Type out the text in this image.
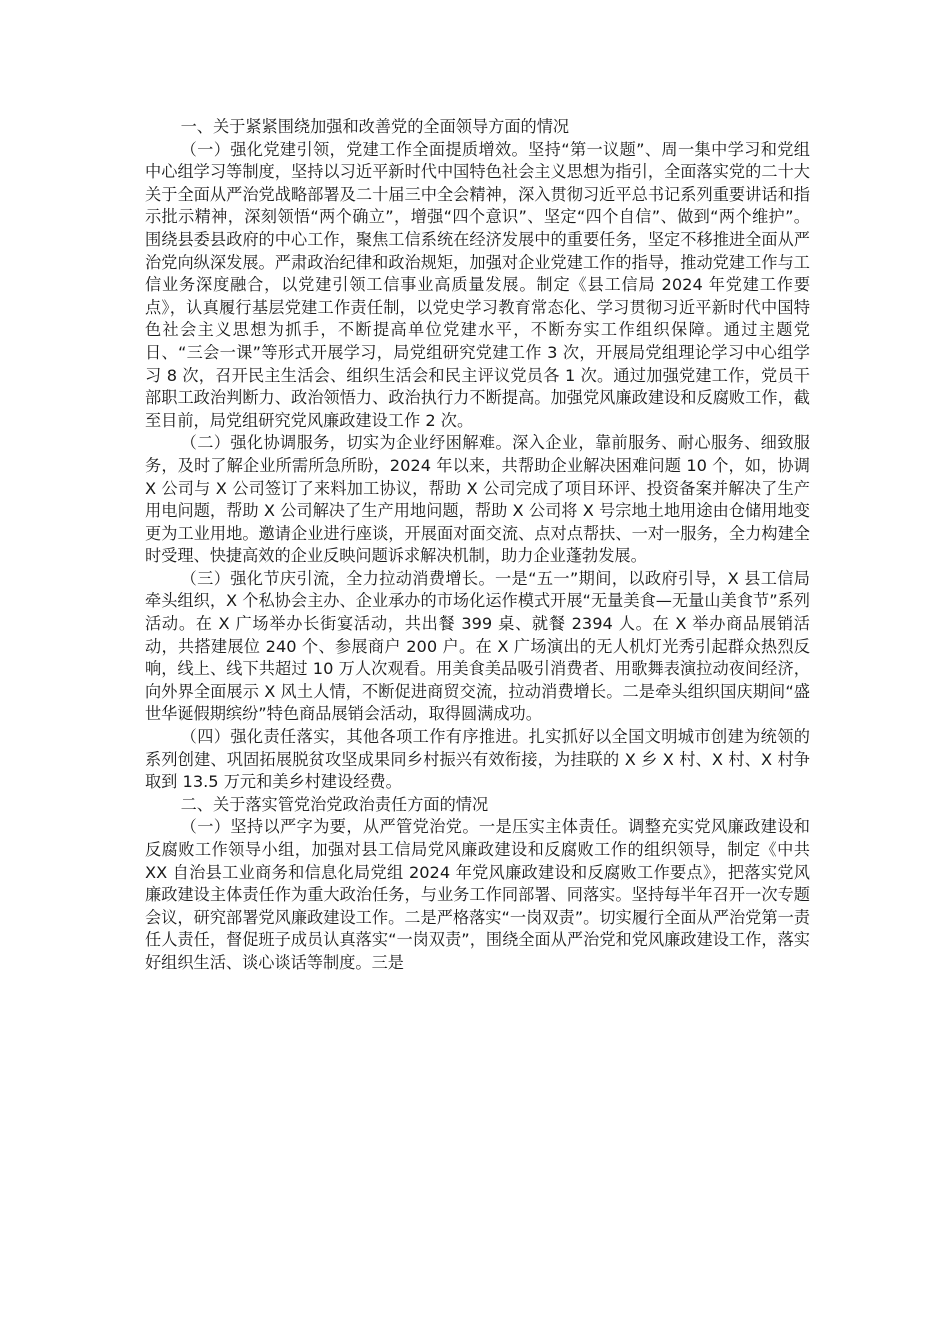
一、关于紧紧围绕加强和改善党的全面领导方面的情况

（一）强化党建引领，党建工作全面提质增效。坚持“第一议题”、周一集中学习和党组中心组学习等制度，坚持以习近平新时代中国特色社会主义思想为指引，全面落实党的二十大关于全面从严治党战略部署及二十届三中全会精神，深入贯彻习近平总书记系列重要讲话和指示批示精神，深刻领悟“两个确立”，增强“四个意识”、坚定“四个自信”、做到“两个维护”。围绕县委县政府的中心工作，聚焦工信系统在经济发展中的重要任务，坚定不移推进全面从严治党向纵深发展。严肃政治纪律和政治规矩，加强对企业党建工作的指导，推动党建工作与工信业务深度融合，以党建引领工信事业高质量发展。制定《县工信局 2024 年党建工作要点》，认真履行基层党建工作责任制，以党史学习教育常态化、学习贯彻习近平新时代中国特色社会主义思想为抓手，不断提高单位党建水平，不断夯实工作组织保障。通过主题党日、“三会一课”等形式开展学习，局党组研究党建工作 3 次，开展局党组理论学习中心组学习 8 次，召开民主生活会、组织生活会和民主评议党员各 1 次。通过加强党建工作，党员干部职工政治判断力、政治领悟力、政治执行力不断提高。加强党风廉政建设和反腐败工作，截至目前，局党组研究党风廉政建设工作 2 次。

（二）强化协调服务，切实为企业纾困解难。深入企业，靠前服务、耐心服务、细致服务，及时了解企业所需所急所盼，2024 年以来，共帮助企业解决困难问题 10 个，如，协调 X 公司与 X 公司签订了来料加工协议，帮助 X 公司完成了项目环评、投资备案并解决了生产用电问题，帮助 X 公司解决了生产用地问题，帮助 X 公司将 X 号宗地土地用途由仓储用地变更为工业用地。邀请企业进行座谈，开展面对面交流、点对点帮扶、一对一服务，全力构建全时受理、快捷高效的企业反映问题诉求解决机制，助力企业蓬勃发展。

（三）强化节庆引流，全力拉动消费增长。一是“五一”期间，以政府引导，X 县工信局牵头组织，X 个私协会主办、企业承办的市场化运作模式开展“无量美食—无量山美食节”系列活动。在 X 广场举办长街宴活动，共出餐 399 桌、就餐 2394 人。在 X 举办商品展销活动，共搭建展位 240 个、参展商户 200 户。在 X 广场演出的无人机灯光秀引起群众热烈反响，线上、线下共超过 10 万人次观看。用美食美品吸引消费者、用歌舞表演拉动夜间经济，向外界全面展示 X 风土人情，不断促进商贸交流，拉动消费增长。二是牵头组织国庆期间“盛世华诞假期缤纷”特色商品展销会活动，取得圆满成功。

（四）强化责任落实，其他各项工作有序推进。扎实抓好以全国文明城市创建为统领的系列创建、巩固拓展脱贫攻坚成果同乡村振兴有效衔接，为挂联的 X 乡 X 村、X 村、X 村争取到 13.5 万元和美乡村建设经费。

二、关于落实管党治党政治责任方面的情况

（一）坚持以严字为要，从严管党治党。一是压实主体责任。调整充实党风廉政建设和反腐败工作领导小组，加强对县工信局党风廉政建设和反腐败工作的组织领导，制定《中共 XX 自治县工业商务和信息化局党组 2024 年党风廉政建设和反腐败工作要点》，把落实党风廉政建设主体责任作为重大政治任务，与业务工作同部署、同落实。坚持每半年召开一次专题会议，研究部署党风廉政建设工作。二是严格落实“一岗双责”。切实履行全面从严治党第一责任人责任，督促班子成员认真落实“一岗双责”，围绕全面从严治党和党风廉政建设工作，落实好组织生活、谈心谈话等制度。三是
